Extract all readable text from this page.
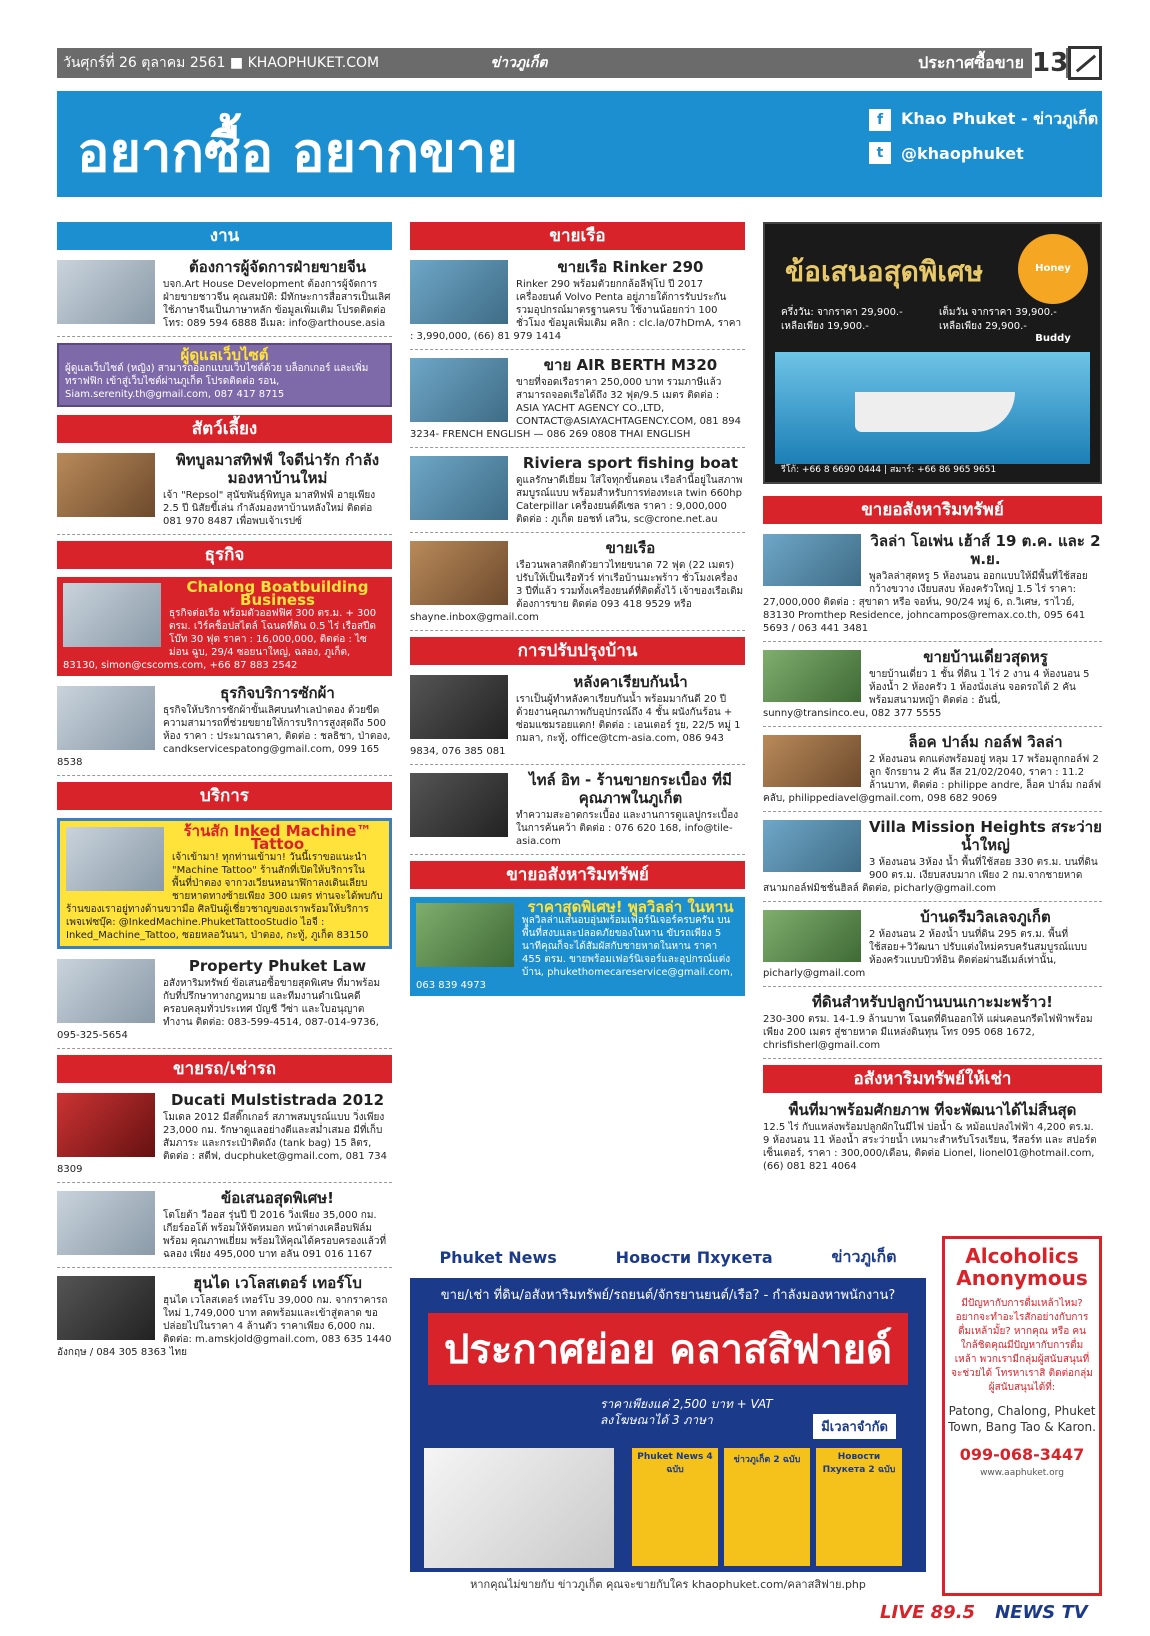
วันศุกร์ที่ 26 ตุลาคม 2561 ■ KHAOPHUKET.COM	ข่าวภูเก็ต	ประกาศซื้อขาย 13
อยากซื้อ อยากขาย
f	Khao Phuket - ข่าวภูเก็ต
t	@khaophuket
งาน
ต้องการผู้จัดการฝ่ายขายจีน
บจก.Art House Development ต้องการผู้จัดการฝ่ายขายชาวจีน คุณสมบัติ: มีทักษะการสื่อสารเป็นเลิศ ใช้ภาษาจีนเป็นภาษาหลัก ข้อมูลเพิ่มเติม โปรดติดต่อ โทร: 089 594 6888 อีเมล: info@arthouse.asia
ผู้ดูแลเว็บไซต์
ผู้ดูแลเว็บไซต์ (หญิง) สามารถออกแบบเว็บไซต์ด้วย บล็อกเกอร์ และเพิ่มทราฟฟิก เข้าสู่เว็บไซต์ผ่านภูเก็ต โปรดติดต่อ รอน, Siam.serenity.th@gmail.com, 087 417 8715
สัตว์เลี้ยง
พิทบูลมาสทิฟฟ์ ใจดีน่ารัก กำลังมองหาบ้านใหม่
เจ้า "Repsol" สุนัขพันธุ์พิทบูล มาสทิฟฟ์ อายุเพียง 2.5 ปี นิสัยขี้เล่น กำลังมองหาบ้านหลังใหม่ ติดต่อ 081 970 8487 เพื่อพบเจ้าเรปซ์
ธุรกิจ
Chalong Boatbuilding Business
ธุรกิจต่อเรือ พร้อมตัวออฟฟิศ 300 ตร.ม. + 300 ตรม. เวิร์คช็อปสไตล์ โฉนดที่ดิน 0.5 ไร่ เรือสปีดโบ๊ท 30 ฟุต ราคา : 16,000,000, ติดต่อ : ไซม่อน ฉูบ, 29/4 ซอยนาใหญ่, ฉลอง, ภูเก็ต, 83130, simon@cscoms.com, +66 87 883 2542
ธุรกิจบริการซักผ้า
ธุรกิจให้บริการซักผ้าขั้นเลิศบนทำเลป่าตอง ด้วยขีดความสามารถที่ช่วยขยายให้การบริการสูงสุดถึง 500 ห้อง ราคา : ประมาณราคา, ติดต่อ : ชลธิชา, ป่าตอง, candkservicespatong@gmail.com, 099 165 8538
บริการ
ร้านสัก Inked Machine™ Tattoo
เจ้าเข้ามา! ทุกท่านเข้ามา! วันนี้เราขอแนะนำ "Machine Tattoo" ร้านสักที่เปิดให้บริการในพื้นที่ป่าตอง จากวงเวียนหอนาฬิกาลงเดินเลียบชายหาดทางซ้ายเพียง 300 เมตร ท่านจะได้พบกับร้านของเราอยู่ทางด้านขวามือ ศิลปินผู้เชี่ยวชาญของเราพร้อมให้บริการ เพจเฟซบุ๊ค: @InkedMachine.PhuketTattooStudio ไอจี : Inked_Machine_Tattoo, ซอยหลอวันนา, ป่าตอง, กะทู้, ภูเก็ต 83150
Property Phuket Law
อสังหาริมทรัพย์ ข้อเสนอซื้อขายสุดพิเศษ ที่มาพร้อมกับที่ปรึกษาทางกฎหมาย และทีมงานดำเนินคดี ครอบคลุมทั่วประเทศ บัญชี วีซ่า และใบอนุญาตทำงาน ติดต่อ: 083-599-4514, 087-014-9736, 095-325-5654
ขายรถ/เช่ารถ
Ducati Mulstistrada 2012
โมเดล 2012 มีสติ๊กเกอร์ สภาพสมบูรณ์แบบ วิ่งเพียง 23,000 กม. รักษาดูแลอย่างดีและสม่ำเสมอ มีที่เก็บสัมภาระ และกระเป๋าติดถัง (tank bag) 15 ลิตร, ติดต่อ : สตีฟ, ducphuket@gmail.com, 081 734 8309
ข้อเสนอสุดพิเศษ!
โตโยต้า วีออส รุ่นปี ปี 2016 วิ่งเพียง 35,000 กม. เกียร์ออโต้ พร้อมให้จัดหมอก หน้าต่างเคลือบฟิล์มพร้อม คุณภาพเยี่ยม พร้อมให้คุณได้ครอบครองแล้วที่ ฉลอง เพียง 495,000 บาท อลัน 091 016 1167
ฮุนได เวโลสเตอร์ เทอร์โบ
ฮุนได เวโลสเตอร์ เทอร์โบ 39,000 กม. จากราคารถใหม่ 1,749,000 บาท ลดพร้อมและเข้าสู่ตลาด ขอปล่อยไปในราคา 4 ล้านตัว ราคาเพียง 6,000 กม. ติดต่อ: m.amskjold@gmail.com, 083 635 1440 อังกฤษ / 084 305 8363 ไทย
ขายเรือ
ขายเรือ Rinker 290
Rinker 290 พร้อมตัวยกกล้อลีฟุ่โป ปี 2017 เครื่องยนต์ Volvo Penta อยู่ภายใต้การรับประกัน รวมอุปกรณ์มาตรฐานครบ ใช้งานน้อยกว่า 100 ชั่วโมง ข้อมูลเพิ่มเติม คลิก : clc.la/07hDmA, ราคา : 3,990,000, (66) 81 979 1414
ขาย AIR BERTH M320
ขายที่จอดเรือราคา 250,000 บาท รวมภาษีแล้ว สามารถจอดเรือได้ถึง 32 ฟุต/9.5 เมตร ติดต่อ : ASIA YACHT AGENCY CO.,LTD, CONTACT@ASIAYACHTAGENCY.COM, 081 894 3234- FRENCH ENGLISH — 086 269 0808 THAI ENGLISH
Riviera sport fishing boat
ดูแลรักษาดีเยี่ยม ใส่ใจทุกขั้นตอน เรือลำนี้อยู่ในสภาพสมบูรณ์แบบ พร้อมสำหรับการท่องทะเล twin 660hp Caterpillar เครื่องยนต์ดีเซล ราคา : 9,000,000 ติดต่อ : ภูเก็ต ยอชท์ เสวิน, sc@crone.net.au
ขายเรือ
เรือวนพลาสติกตัวยาวไทยขนาด 72 ฟุต (22 เมตร) ปรับให้เป็นเรือทัวร์ ท่าเรือบ้านมะพร้าว ชั่วโมงเครื่อง 3 ปีที่แล้ว รวมทั้งเครื่องยนต์ที่ติดตั้งไว้ เจ้าของเรือเดิมต้องการขาย ติดต่อ 093 418 9529 หรือ shayne.inbox@gmail.com
การปรับปรุงบ้าน
หลังคาเรียบกันน้ำ
เราเป็นผู้ทำหลังคาเรียบกันน้ำ พร้อมมากันดี 20 ปี ด้วยงานคุณภาพกับอุปกรณ์ถึง 4 ชั้น ผนังกันร้อน + ซ่อมแซมรอยแตก! ติดต่อ : เอนเตอร์ รูย, 22/5 หมู่ 1 กมลา, กะทู้, office@tcm-asia.com, 086 943 9834, 076 385 081
ไทล์ อิท - ร้านขายกระเบื้อง ที่มีคุณภาพในภูเก็ต
ทำความสะอาดกระเบื้อง และงานการดูแลปูกระเบื้องในการค้นคว้า ติดต่อ : 076 620 168, info@tile-asia.com
ขายอสังหาริมทรัพย์
ราคาสุดพิเศษ! พูลวิลล่า ในหาน
พูลวิลล่าแสนอบอุ่นพร้อมเฟอร์นิเจอร์ครบครัน บนพื้นที่สงบและปลอดภัยของในหาน ขับรถเพียง 5 นาทีคุณก็จะได้สัมผัสกับชายหาดในหาน ราคา 455 ตรม. ขายพร้อมเฟอร์นิเจอร์และอุปกรณ์แต่งบ้าน, phukethomecareservice@gmail.com, 063 839 4973
ข้อเสนอสุดพิเศษ	Honey Buddy
ครึ่งวัน: จากราคา 29,900.- เหลือเพียง 19,900.-
เต็มวัน จากราคา 39,900.- เหลือเพียง 29,900.-
รีโก้: +66 8 6690 0444 | สมาร์: +66 86 965 9651
ขายอสังหาริมทรัพย์
วิลล่า โอเพ่น เฮ้าส์ 19 ต.ค. และ 2 พ.ย.
พูลวิลล่าสุดหรู 5 ห้องนอน ออกแบบให้มีพื้นที่ใช้สอยกว้างขวาง เงียบสงบ ห้องครัวใหญ่ 1.5 ไร่ ราคา: 27,000,000 ติดต่อ : สุขาดา หรือ จอห์น, 90/24 หมู่ 6, ถ.วิเศษ, ราไวย์, 83130 Promthep Residence, johncampos@remax.co.th, 095 641 5693 / 063 441 3481
ขายบ้านเดี่ยวสุดหรู
ขายบ้านเดี่ยว 1 ชั้น ที่ดิน 1 ไร่ 2 งาน 4 ห้องนอน 5 ห้องน้ำ 2 ห้องครัว 1 ห้องนั่งเล่น จอดรถได้ 2 คัน พร้อมสนามหญ้า ติดต่อ : อันนี่, sunny@transinco.eu, 082 377 5555
ล็อค ปาล์ม กอล์ฟ วิลล่า
2 ห้องนอน ตกแต่งพร้อมอยู่ หลุม 17 พร้อมลูกกอล์ฟ 2 ลูก จักรยาน 2 คัน ลีส 21/02/2040, ราคา : 11.2 ล้านบาท, ติดต่อ : philippe andre, ล็อค ปาล์ม กอล์ฟ คลับ, philippediavel@gmail.com, 098 682 9069
Villa Mission Heights สระว่ายน้ำใหญ่
3 ห้องนอน 3ห้อง น้ำ พื้นที่ใช้สอย 330 ตร.ม. บนที่ดิน 900 ตร.ม. เงียบสงบมาก เพียง 2 กม.จากชายหาด สนามกอล์ฟมิชชั่นฮิลล์ ติดต่อ, picharly@gmail.com
บ้านดรีมวิลเลจภูเก็ต
2 ห้องนอน 2 ห้องน้ำ บนที่ดิน 295 ตร.ม. พื้นที่ใช้สอย+วิวัฒนา ปรับแต่งใหม่ครบครันสมบูรณ์แบบ ห้องครัวแบบบิวท์อิน ติดต่อผ่านอีเมล์เท่านั้น, picharly@gmail.com
ที่ดินสำหรับปลูกบ้านบนเกาะมะพร้าว!
230-300 ตรม. 14-1.9 ล้านบาท โฉนดที่ดินออกให้ แผ่นคอนกรีตไฟฟ้าพร้อม เพียง 200 เมตร สู่ชายหาด มีแหล่งดินทุน โทร 095 068 1672, chrisfisherl@gmail.com
อสังหาริมทรัพย์ให้เช่า
พื้นที่มาพร้อมศักยภาพ ที่จะพัฒนาได้ไม่สิ้นสุด
12.5 ไร่ กับแหล่งพร้อมปลูกผักในมีไฟ บ่อน้ำ & หม้อแปลงไฟฟ้า 4,200 ตร.ม. 9 ห้องนอน 11 ห้องน้ำ สระว่ายน้ำ เหมาะสำหรับโรงเรียน, รีสอร์ท และ สปอร์ตเซ็นเตอร์, ราคา : 300,000/เดือน, ติดต่อ Lionel, lionel01@hotmail.com, (66) 081 821 4064
Phuket News	Новости Пхукета	ข่าวภูเก็ต
ขาย/เช่า ที่ดิน/อสังหาริมทรัพย์/รถยนต์/จักรยานยนต์/เรือ? - กำลังมองหาพนักงาน?
ประกาศย่อย คลาสสิฟายด์
ราคาเพียงแค่ 2,500 บาท + VAT ลงโฆษณาได้ 3 ภาษา	มีเวลาจำกัด
Phuket News 4 ฉบับ
ข่าวภูเก็ต 2 ฉบับ	Новости Пхукета 2 ฉบับ
หากคุณไม่ขายกับ ข่าวภูเก็ต คุณจะขายกับใคร khaophuket.com/คลาสสิฟาย.php
Alcoholics Anonymous
มีปัญหากับการดื่มเหล้าไหม? อยากจะทำอะไรสักอย่างกับการดื่มเหล้ามั้ย? หากคุณ หรือ คนใกล้ชิดคุณมีปัญหากับการดื่มเหล้า พวกเรามีกลุ่มผู้สนับสนุนที่จะช่วยได้ โทรหาเราสิ ติดต่อกลุ่มผู้สนับสนุนได้ที่:
Patong, Chalong, Phuket Town, Bang Tao & Karon.
099-068-3447
www.aaphuket.org
LIVE 89.5 NEWS TV
